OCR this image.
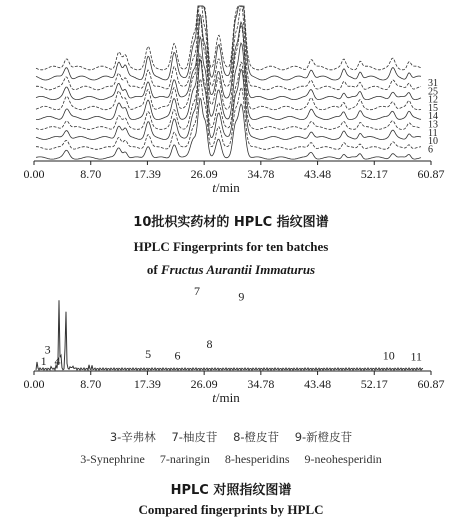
0.00	8.70	17.39 26.09 34.78 43.48 52.17 60.87
31
25
12
15
14
13
11
10
6
t/min
10批枳实药材的 HPLC 指纹图谱
HPLC Fingerprints for ten batches
of Fructus Aurantii Immaturus
0.00	8.70	17.39 26.09 34.78 43.48 52.17 60.87
3
1 4	5 6
7
8
9
10 11
t/min
3-辛弗林 7-柚皮苷 8-橙皮苷 9-新橙皮苷
3-Synephrine 7-naringin 8-hesperidins 9-neohesperidin
HPLC 对照指纹图谱
Compared fingerprints by HPLC
